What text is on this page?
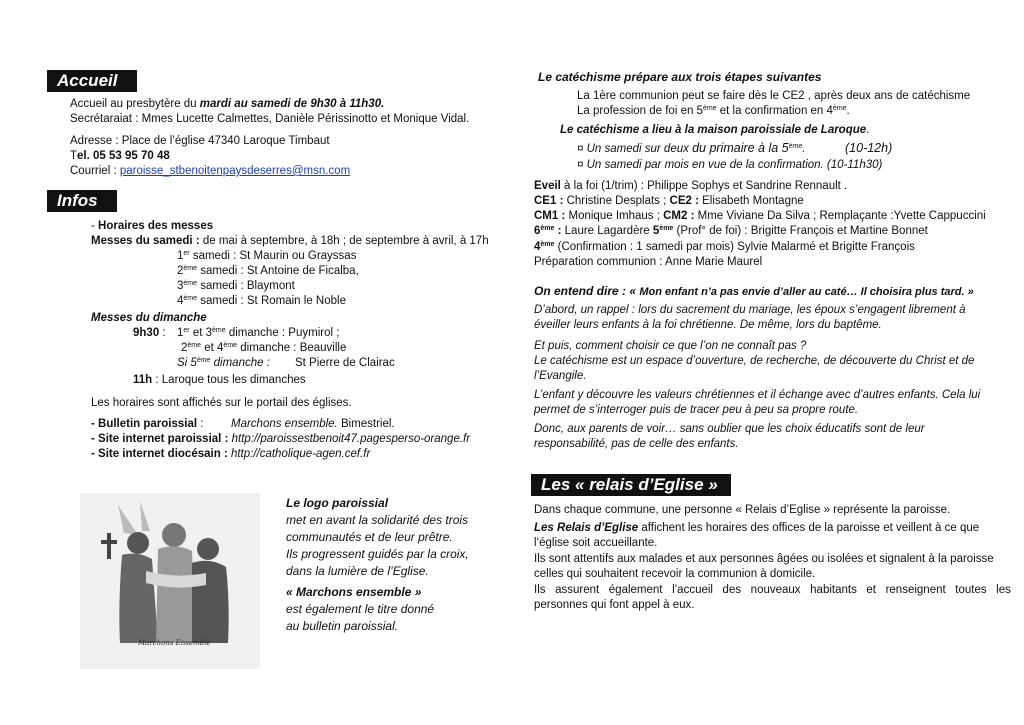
Accueil
Accueil au presbytère du mardi au samedi de 9h30 à 11h30.
Secrétaraiat : Mmes Lucette Calmettes, Danièle Périssinotto et Monique Vidal.
Adresse : Place de l’église 47340 Laroque Timbaut
Tel. 05 53 95 70 48
Courriel : paroisse_stbenoitenpaysdeserres@msn.com
Infos
- Horaires des messes
Messes du samedi : de mai à septembre, à 18h ; de septembre à avril, à 17h
1er samedi : St Maurin ou Grayssas
2ème samedi : St Antoine de Ficalba,
$3^{éme}$ samedi : Blaymont
4ème samedi : St Romain le Noble
Messes du dimanche
9h30 : 1er et 3ème dimanche : Puymirol ;
2ème et 4ème dimanche : Beauville
Si 5ème dimanche : St Pierre de Clairac
11h : Laroque tous les dimanches
Les horaires sont affichés sur le portail des églises.
- Bulletin paroissial : Marchons ensemble. Bimestriel.
- Site internet paroissial : http://paroissestbenoit47.pagesperso-orange.fr
- Site internet diocésain : http://catholique-agen.cef.fr
Marchons Ensemble
Le logo paroissial
met en avant la solidarité des trois
communautés et de leur prêtre.
Ils progressent guidés par la croix,
dans la lumière de l’Eglise.
« Marchons ensemble »
est également le titre donné
au bulletin paroissial.
Le catéchisme prépare aux trois étapes suivantes
La 1ère communion peut se faire dès le CE2 , après deux ans de catéchisme
La profession de foi en 5ème et la confirmation en 4ème.
Le catéchisme a lieu à la maison paroissiale de Laroque.
¤ Un samedi sur deux du primaire à la 5ème.	(10-12h)
¤ Un samedi par mois en vue de la confirmation. (10-11h30)
Eveil à la foi (1/trim) : Philippe Sophys et Sandrine Rennault .
CE1 : Christine Desplats ; CE2 : Elisabeth Montagne
CM1 : Monique Imhaus ; CM2 : Mme Viviane Da Silva ; Remplaçante :Yvette Cappuccini
6ème : Laure Lagardère 5ème (Prof° de foi) : Brigitte François et Martine Bonnet
4ème (Confirmation : 1 samedi par mois) Sylvie Malarmé et Brigitte François
Préparation communion : Anne Marie Maurel
On entend dire : « Mon enfant n’a pas envie d’aller au caté… Il choisira plus tard. »
D’abord, un rappel : lors du sacrement du mariage, les époux s’engagent librement à
éveiller leurs enfants à la foi chrétienne. De même, lors du baptême.
Et puis, comment choisir ce que l’on ne connaît pas ?
Le catéchisme est un espace d’ouverture, de recherche, de découverte du Christ et de
l’Evangile.
L’enfant y découvre les valeurs chrétiennes et il échange avec d’autres enfants. Cela lui
permet de s’interroger puis de tracer peu à peu sa propre route.
Donc, aux parents de voir… sans oublier que les choix éducatifs sont de leur
responsabilité, pas de celle des enfants.
Les « relais d’Eglise »
Dans chaque commune, une personne « Relais d’Eglise » représente la paroisse.
Les Relais d’Eglise affichent les horaires des offices de la paroisse et veillent à ce que
l’église soit accueillante.
Ils sont attentifs aux malades et aux personnes âgées ou isolées et signalent à la paroisse
celles qui souhaitent recevoir la communion à domicile.
Ils   assurent   également   l’accueil   des   nouveaux   habitants   et   renseignent   toutes   les
personnes qui font appel à eux.
